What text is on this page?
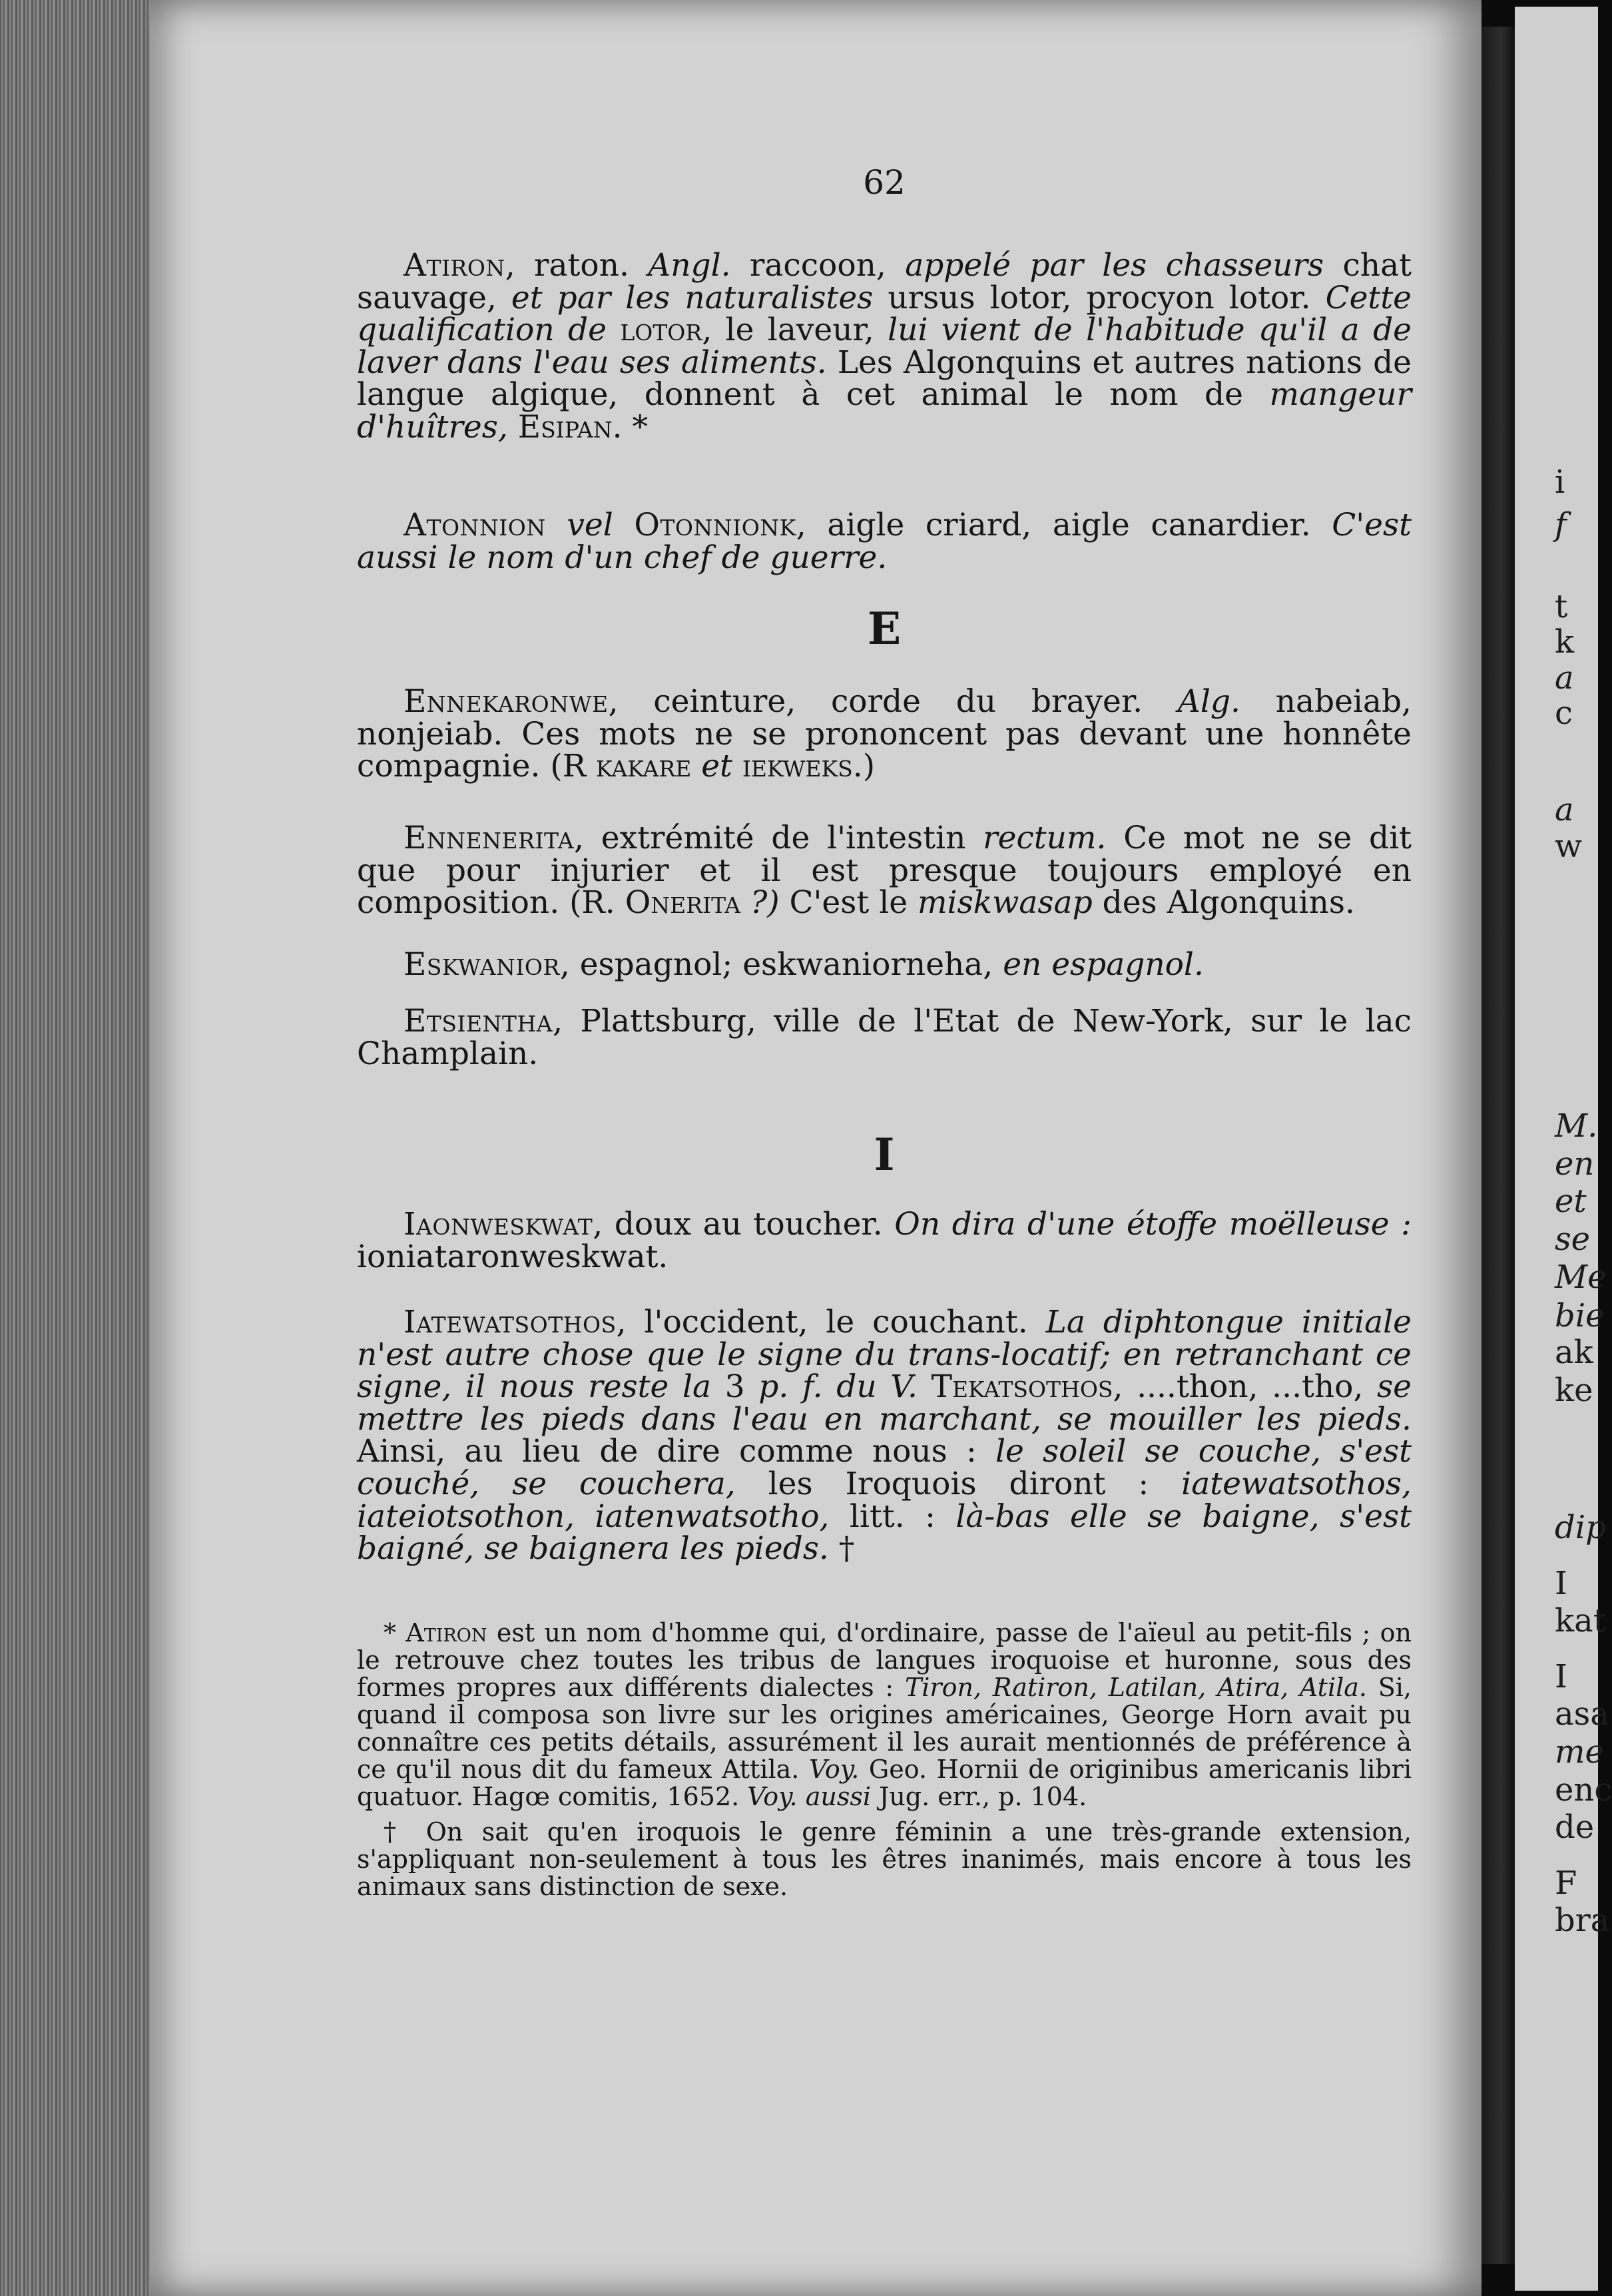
i
f
t
k
a
c
a
w
M.
en
et
se
Me
bie
ak
ke
dip
I
kat
I
asa
me
enc
de
F
bra
62

Atiron, raton. Angl. raccoon, appelé par les chasseurs chat sauvage, et par les naturalistes ursus lotor, procyon lotor. Cette qualification de lotor, le laveur, lui vient de l'habitude qu'il a de laver dans l'eau ses aliments. Les Algonquins et autres nations de langue algique, donnent à cet animal le nom de mangeur d'huîtres, Esipan. *

Atonnion vel Otonnionk, aigle criard, aigle canardier. C'est aussi le nom d'un chef de guerre.

E

Ennekaronwe, ceinture, corde du brayer. Alg. nabeiab, nonjeiab. Ces mots ne se prononcent pas devant une honnête compagnie. (R kakare et iekweks.)

Ennenerita, extrémité de l'intestin rectum. Ce mot ne se dit que pour injurier et il est presque toujours employé en composition. (R. Onerita ?) C'est le miskwasap des Algonquins.

Eskwanior, espagnol; eskwaniorneha, en espagnol.

Etsientha, Plattsburg, ville de l'Etat de New-York, sur le lac Champlain.

I

Iaonweskwat, doux au toucher. On dira d'une étoffe moëlleuse : ioniataronweskwat.

Iatewatsothos, l'occident, le couchant. La diphtongue initiale n'est autre chose que le signe du trans-locatif; en retranchant ce signe, il nous reste la 3 p. f. du V. Tekatsothos, ....thon, ...tho, se mettre les pieds dans l'eau en marchant, se mouiller les pieds. Ainsi, au lieu de dire comme nous : le soleil se couche, s'est couché, se couchera, les Iroquois diront : iatewatsothos, iateiotsothon, iatenwatsotho, litt. : là-bas elle se baigne, s'est baigné, se baignera les pieds. †

* Atiron est un nom d'homme qui, d'ordinaire, passe de l'aïeul au petit-fils ; on le retrouve chez toutes les tribus de langues iroquoise et huronne, sous des formes propres aux différents dialectes : Tiron, Ratiron, Latilan, Atira, Atila. Si, quand il composa son livre sur les origines américaines, George Horn avait pu connaître ces petits détails, assurément il les aurait mentionnés de préférence à ce qu'il nous dit du fameux Attila. Voy. Geo. Hornii de originibus americanis libri quatuor. Hagœ comitis, 1652. Voy. aussi Jug. err., p. 104.

† On sait qu'en iroquois le genre féminin a une très-grande extension, s'appliquant non-seulement à tous les êtres inanimés, mais encore à tous les animaux sans distinction de sexe.
